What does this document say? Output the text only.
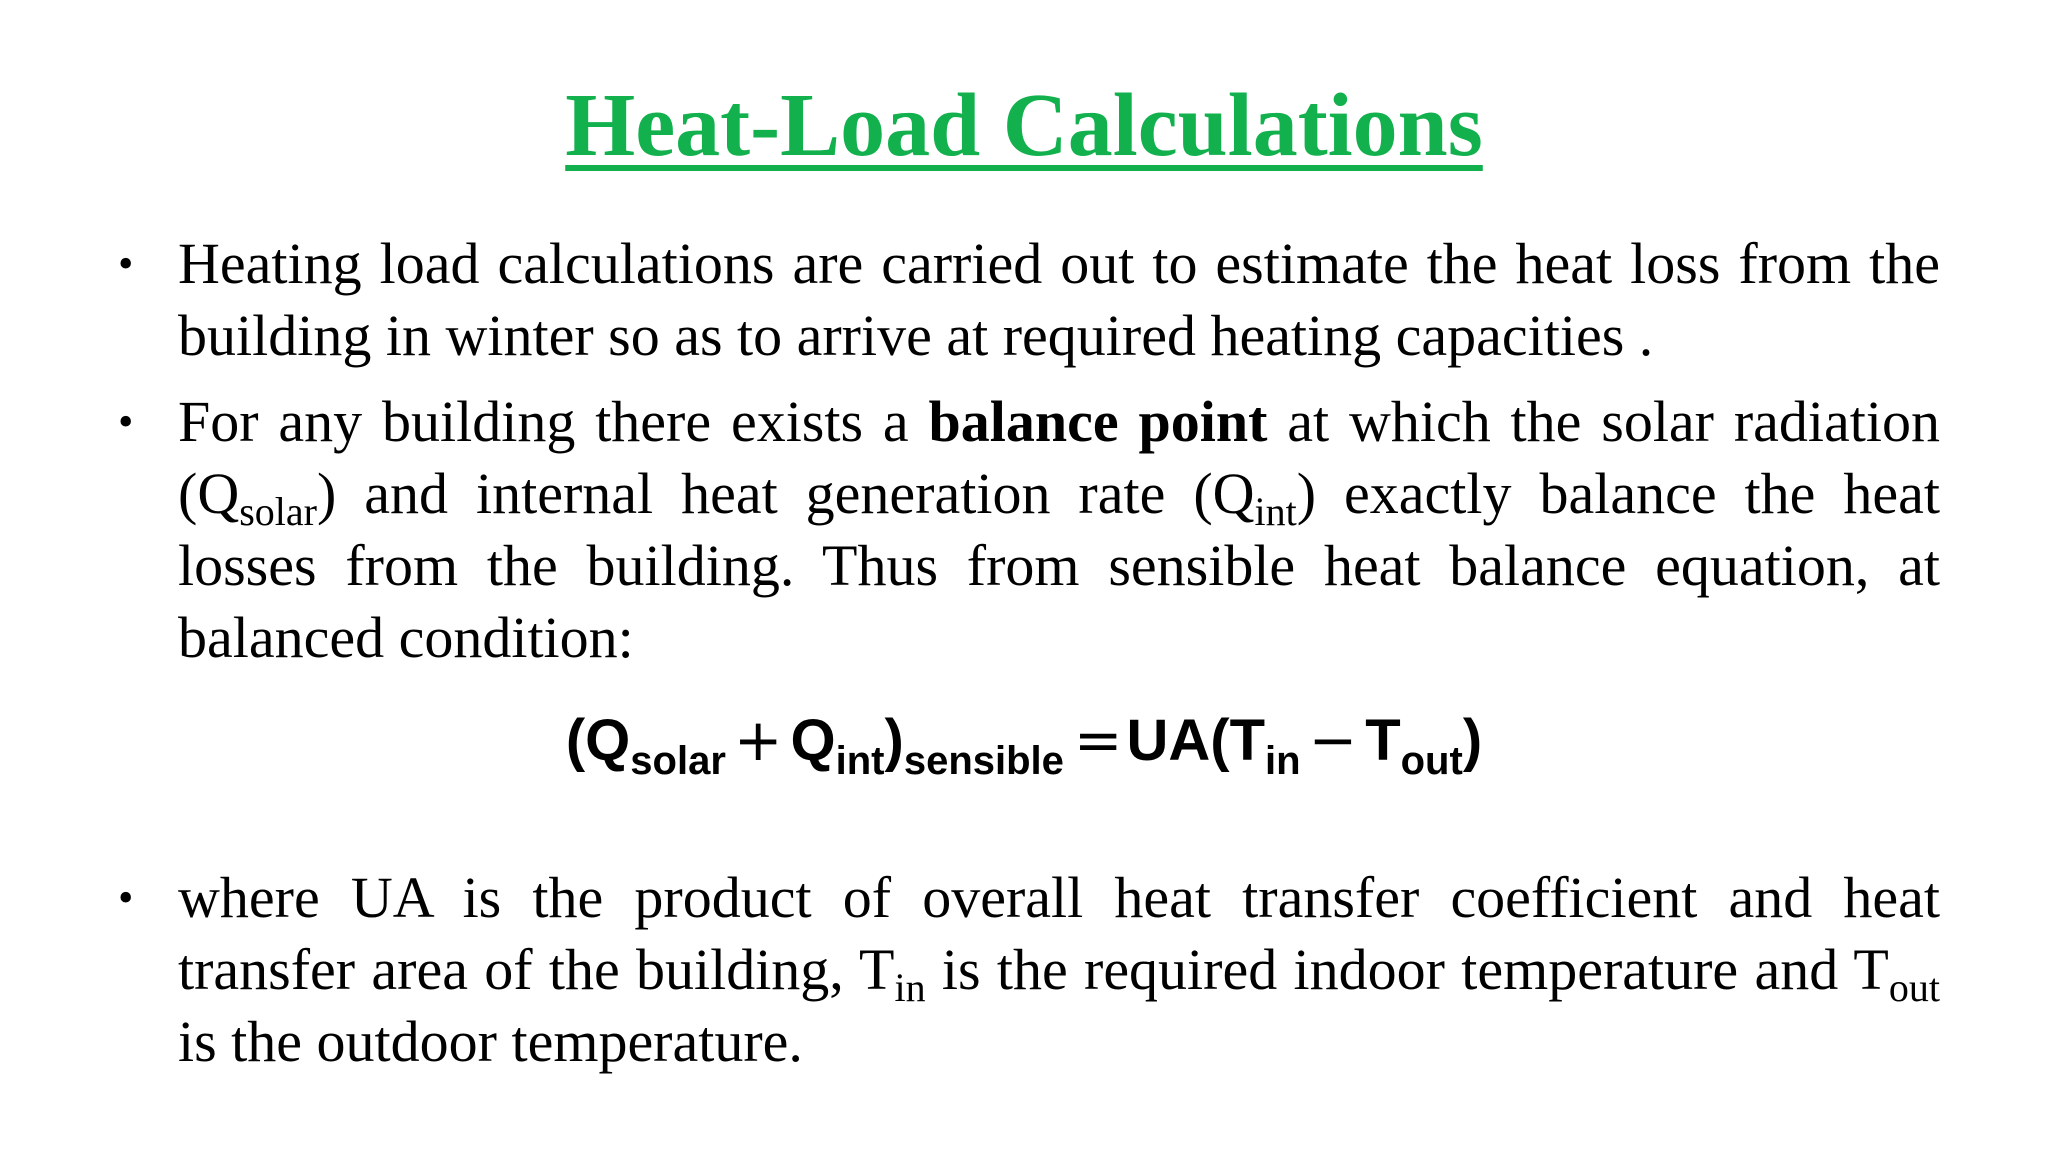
Heat-Load Calculations
• Heating load calculations are carried out to estimate the heat loss from the building in winter so as to arrive at required heating capacities .
• For any building there exists a balance point at which the solar radiation $(Q_{solar})$ and internal heat generation rate $(Q_{int})$ exactly balance the heat losses from the building. Thus from sensible heat balance equation, at balanced condition:
$(Q_{solar} + Q_{int})_{sensible} =UA(T_{in} - T_{out})$
• where UA is the product of overall heat transfer coefficient and heat transfer area of the building, $T_{in}$ is the required indoor temperature and $T_{out}$ is the outdoor temperature.
